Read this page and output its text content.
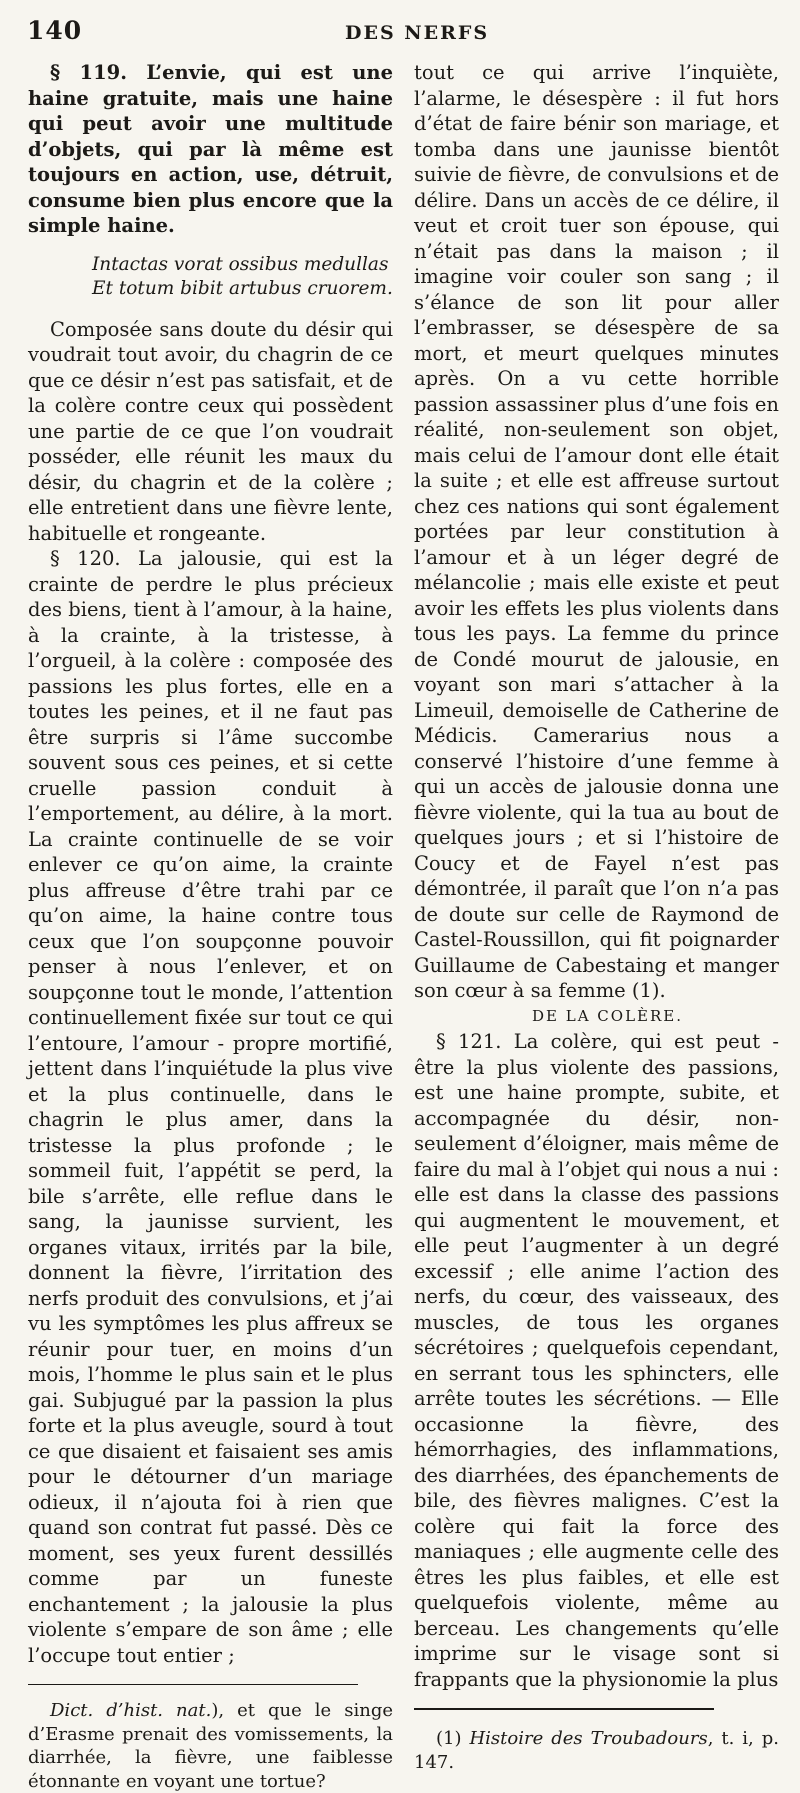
140	DES NERFS

§ 119. L’envie, qui est une haine gratuite, mais une haine qui peut avoir une multitude d’objets, qui par là même est toujours en action, use, détruit, consume bien plus encore que la simple haine.

Intactas vorat ossibus medullas
Et totum bibit artubus cruorem.

Composée sans doute du désir qui voudrait tout avoir, du chagrin de ce que ce désir n’est pas satisfait, et de la colère contre ceux qui possèdent une partie de ce que l’on voudrait posséder, elle réunit les maux du désir, du chagrin et de la colère ; elle entretient dans une fièvre lente, habituelle et rongeante.

§ 120. La jalousie, qui est la crainte de perdre le plus précieux des biens, tient à l’amour, à la haine, à la crainte, à la tristesse, à l’orgueil, à la colère : composée des passions les plus fortes, elle en a toutes les peines, et il ne faut pas être surpris si l’âme succombe souvent sous ces peines, et si cette cruelle passion conduit à l’emportement, au délire, à la mort. La crainte continuelle de se voir enlever ce qu’on aime, la crainte plus affreuse d’être trahi par ce qu’on aime, la haine contre tous ceux que l’on soupçonne pouvoir penser à nous l’enlever, et on soupçonne tout le monde, l’attention continuellement fixée sur tout ce qui l’entoure, l’amour - propre mortifié, jettent dans l’inquiétude la plus vive et la plus continuelle, dans le chagrin le plus amer, dans la tristesse la plus profonde ; le sommeil fuit, l’appétit se perd, la bile s’arrête, elle reflue dans le sang, la jaunisse survient, les organes vitaux, irrités par la bile, donnent la fièvre, l’irritation des nerfs produit des convulsions, et j’ai vu les symptômes les plus affreux se réunir pour tuer, en moins d’un mois, l’homme le plus sain et le plus gai. Subjugué par la passion la plus forte et la plus aveugle, sourd à tout ce que disaient et faisaient ses amis pour le détourner d’un mariage odieux, il n’ajouta foi à rien que quand son contrat fut passé. Dès ce moment, ses yeux furent dessillés comme par un funeste enchantement ; la jalousie la plus violente s’empare de son âme ; elle l’occupe tout entier ;

Dict. d’hist. nat.), et que le singe d’Erasme prenait des vomissements, la diarrhée, la fièvre, une faiblesse étonnante en voyant une tortue?

tout ce qui arrive l’inquiète, l’alarme, le désespère : il fut hors d’état de faire bénir son mariage, et tomba dans une jaunisse bientôt suivie de fièvre, de convulsions et de délire. Dans un accès de ce délire, il veut et croit tuer son épouse, qui n’était pas dans la maison ; il imagine voir couler son sang ; il s’élance de son lit pour aller l’embrasser, se désespère de sa mort, et meurt quelques minutes après. On a vu cette horrible passion assassiner plus d’une fois en réalité, non-seulement son objet, mais celui de l’amour dont elle était la suite ; et elle est affreuse surtout chez ces nations qui sont également portées par leur constitution à l’amour et à un léger degré de mélancolie ; mais elle existe et peut avoir les effets les plus violents dans tous les pays. La femme du prince de Condé mourut de jalousie, en voyant son mari s’attacher à la Limeuil, demoiselle de Catherine de Médicis. Camerarius nous a conservé l’histoire d’une femme à qui un accès de jalousie donna une fièvre violente, qui la tua au bout de quelques jours ; et si l’histoire de Coucy et de Fayel n’est pas démontrée, il paraît que l’on n’a pas de doute sur celle de Raymond de Castel-Roussillon, qui fit poignarder Guillaume de Cabestaing et manger son cœur à sa femme (1).

DE LA COLÈRE.

§ 121. La colère, qui est peut - être la plus violente des passions, est une haine prompte, subite, et accompagnée du désir, non-seulement d’éloigner, mais même de faire du mal à l’objet qui nous a nui : elle est dans la classe des passions qui augmentent le mouvement, et elle peut l’augmenter à un degré excessif ; elle anime l’action des nerfs, du cœur, des vaisseaux, des muscles, de tous les organes sécrétoires ; quelquefois cependant, en serrant tous les sphincters, elle arrête toutes les sécrétions. — Elle occasionne la fièvre, des hémorrhagies, des inflammations, des diarrhées, des épanchements de bile, des fièvres malignes. C’est la colère qui fait la force des maniaques ; elle augmente celle des êtres les plus faibles, et elle est quelquefois violente, même au berceau. Les changements qu’elle imprime sur le visage sont si frappants que la physionomie la plus

(1) Histoire des Troubadours, t. i, p. 147.
